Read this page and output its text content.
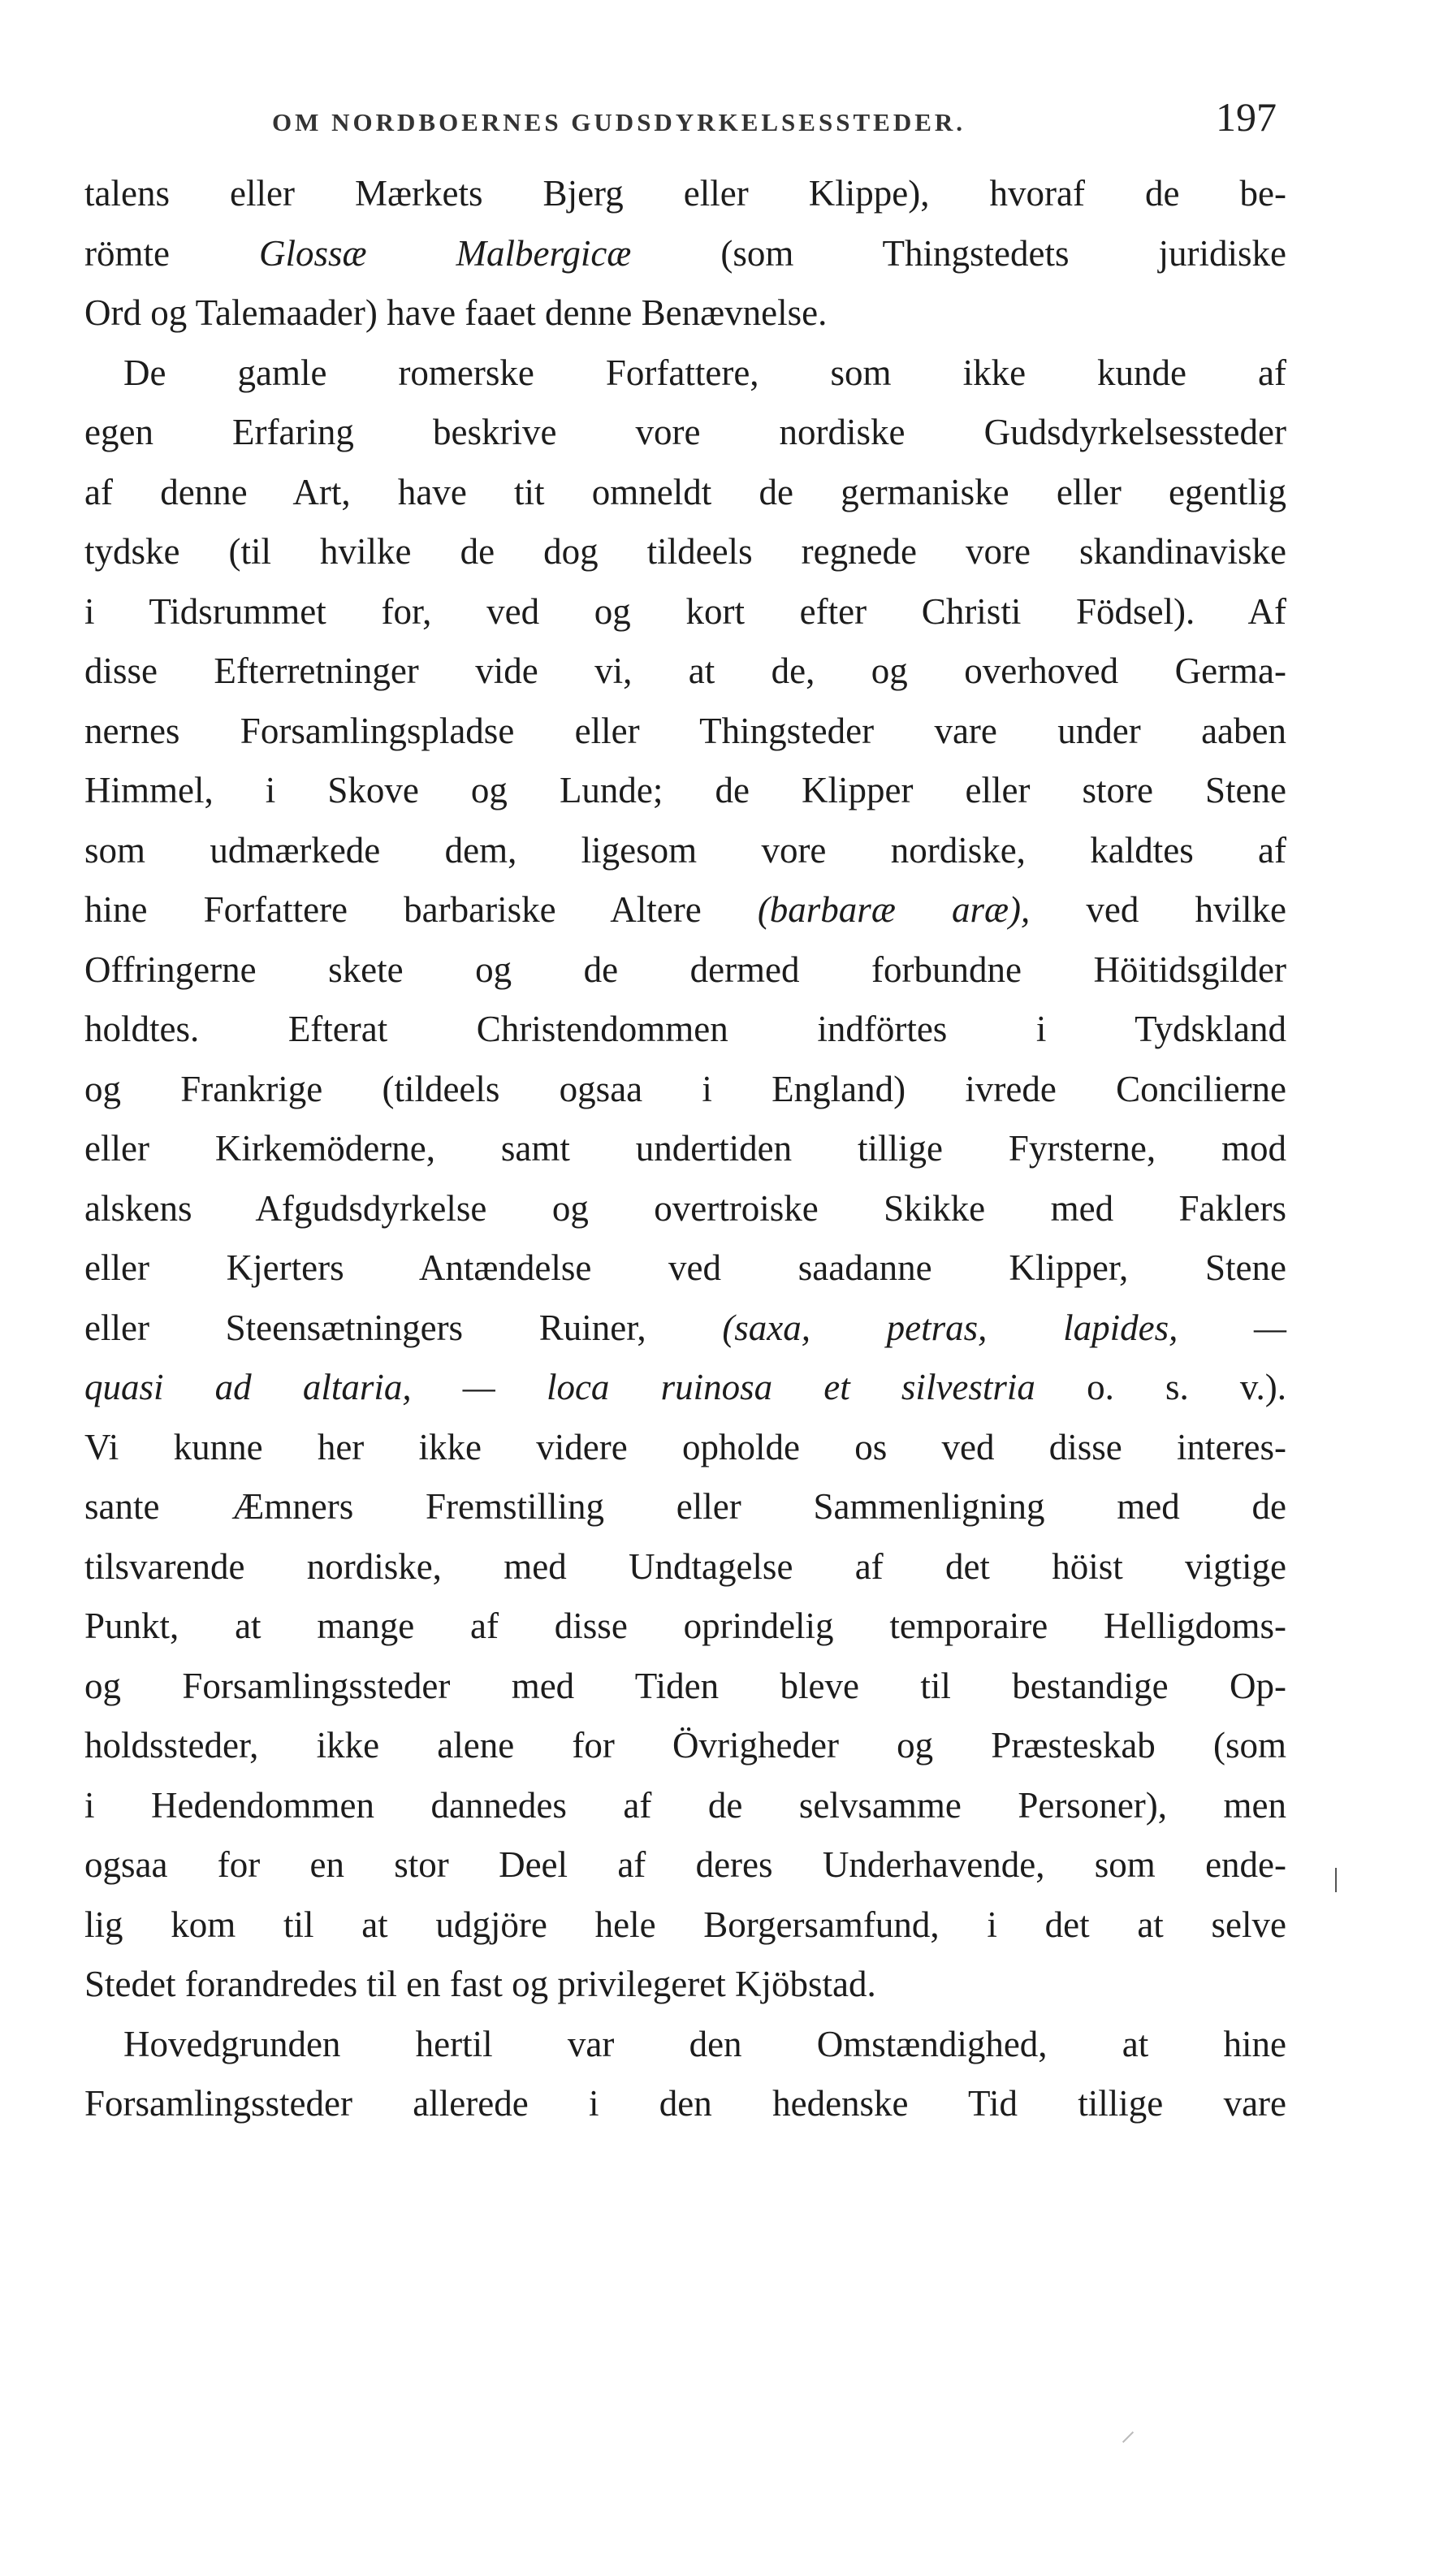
OM NORDBOERNES GUDSDYRKELSESSTEDER.	197
talens eller Mærkets Bjerg eller Klippe), hvoraf de be-
römte Glossæ Malbergicæ (som Thingstedets juridiske
Ord og Talemaader) have faaet denne Benævnelse.
De gamle romerske Forfattere, som ikke kunde af
egen Erfaring beskrive vore nordiske Gudsdyrkelsessteder
af denne Art, have tit omneldt de germaniske eller egentlig
tydske (til hvilke de dog tildeels regnede vore skandinaviske
i Tidsrummet for, ved og kort efter Christi Födsel). Af
disse Efterretninger vide vi, at de, og overhoved Germa-
nernes Forsamlingspladse eller Thingsteder vare under aaben
Himmel, i Skove og Lunde; de Klipper eller store Stene
som udmærkede dem, ligesom vore nordiske, kaldtes af
hine Forfattere barbariske Altere (barbaræ aræ), ved hvilke
Offringerne skete og de dermed forbundne Höitidsgilder
holdtes. Efterat Christendommen indförtes i Tydskland
og Frankrige (tildeels ogsaa i England) ivrede Concilierne
eller Kirkemöderne, samt undertiden tillige Fyrsterne, mod
alskens Afgudsdyrkelse og overtroiske Skikke med Faklers
eller Kjerters Antændelse ved saadanne Klipper, Stene
eller Steensætningers Ruiner, (saxa, petras, lapides, —
quasi ad altaria, — loca ruinosa et silvestria o. s. v.).
Vi kunne her ikke videre opholde os ved disse interes-
sante Æmners Fremstilling eller Sammenligning med de
tilsvarende nordiske, med Undtagelse af det höist vigtige
Punkt, at mange af disse oprindelig temporaire Helligdoms-
og Forsamlingssteder med Tiden bleve til bestandige Op-
holdssteder, ikke alene for Övrigheder og Præsteskab (som
i Hedendommen dannedes af de selvsamme Personer), men
ogsaa for en stor Deel af deres Underhavende, som ende-
lig kom til at udgjöre hele Borgersamfund, i det at selve
Stedet forandredes til en fast og privilegeret Kjöbstad.
Hovedgrunden hertil var den Omstændighed, at hine
Forsamlingssteder allerede i den hedenske Tid tillige vare
